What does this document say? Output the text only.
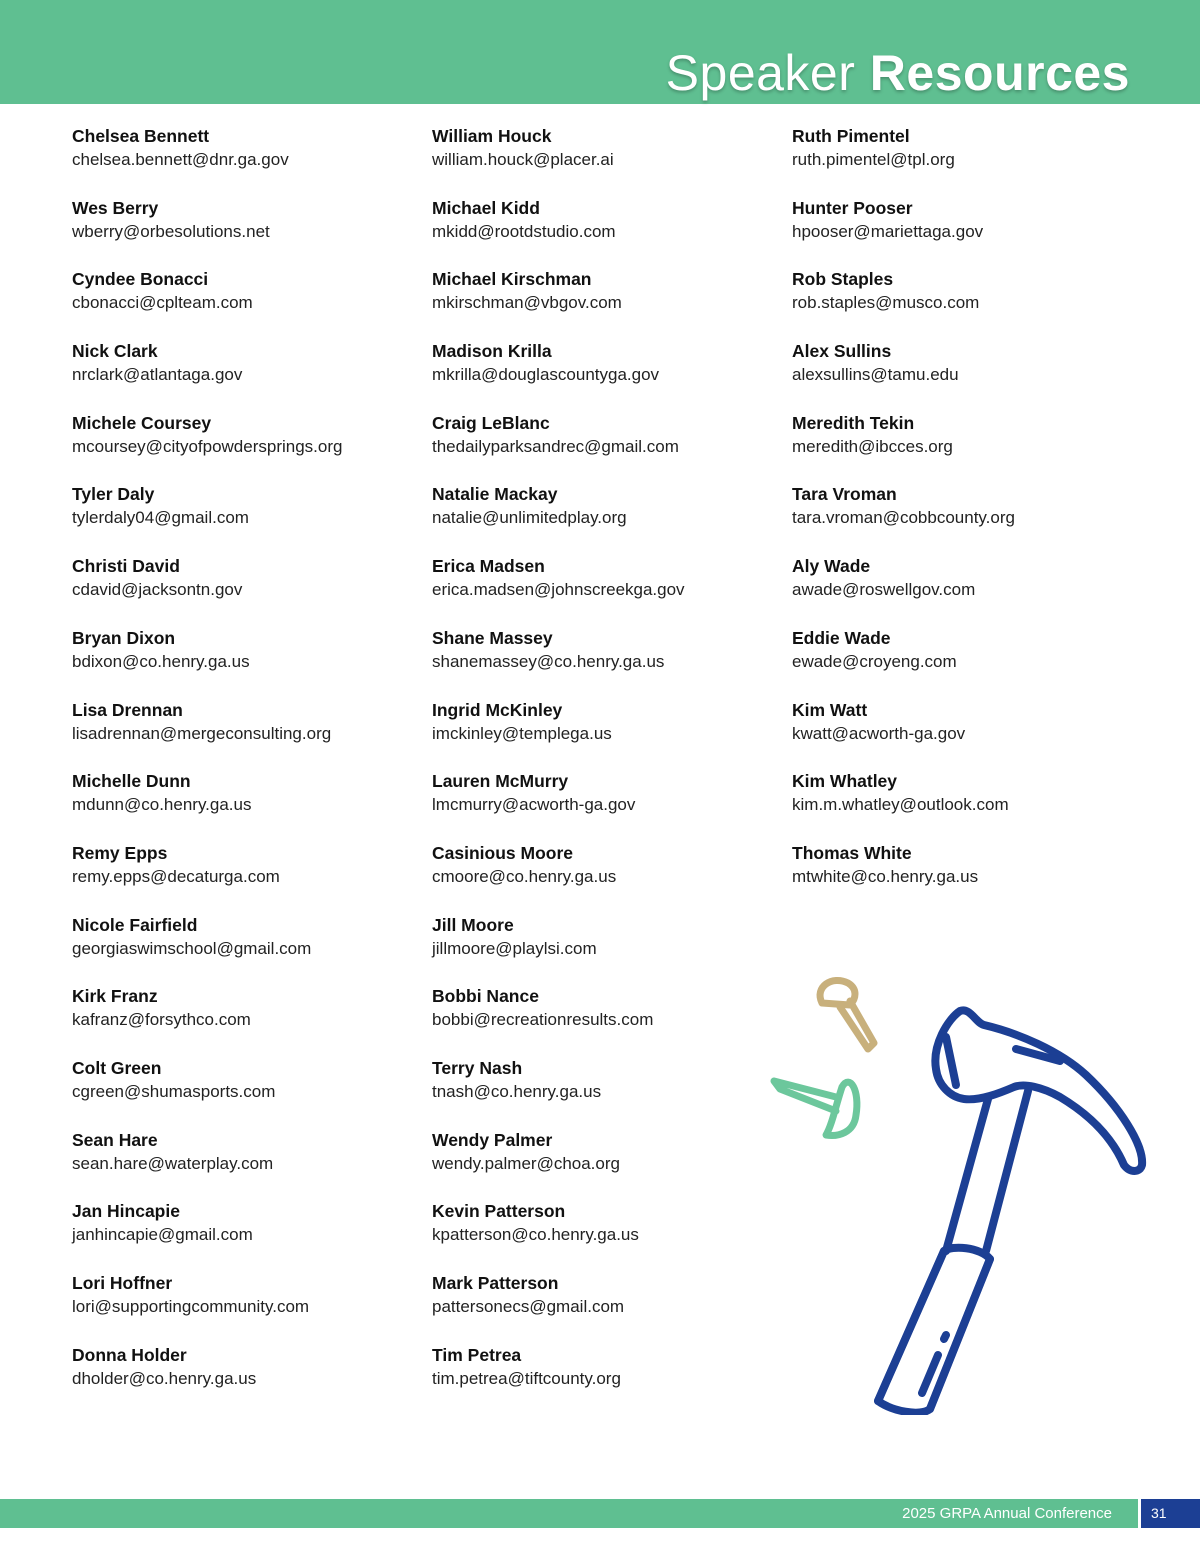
Speaker Resources
Chelsea Bennett
chelsea.bennett@dnr.ga.gov
Wes Berry
wberry@orbesolutions.net
Cyndee Bonacci
cbonacci@cplteam.com
Nick Clark
nrclark@atlantaga.gov
Michele Coursey
mcoursey@cityofpowdersprings.org
Tyler Daly
tylerdaly04@gmail.com
Christi David
cdavid@jacksontn.gov
Bryan Dixon
bdixon@co.henry.ga.us
Lisa Drennan
lisadrennan@mergeconsulting.org
Michelle Dunn
mdunn@co.henry.ga.us
Remy Epps
remy.epps@decaturga.com
Nicole Fairfield
georgiaswimschool@gmail.com
Kirk Franz
kafranz@forsythco.com
Colt Green
cgreen@shumasports.com
Sean Hare
sean.hare@waterplay.com
Jan Hincapie
janhincapie@gmail.com
Lori Hoffner
lori@supportingcommunity.com
Donna Holder
dholder@co.henry.ga.us
William Houck
william.houck@placer.ai
Michael Kidd
mkidd@rootdstudio.com
Michael Kirschman
mkirschman@vbgov.com
Madison Krilla
mkrilla@douglascountyga.gov
Craig LeBlanc
thedailyparksandrec@gmail.com
Natalie Mackay
natalie@unlimitedplay.org
Erica Madsen
erica.madsen@johnscreekga.gov
Shane Massey
shanemassey@co.henry.ga.us
Ingrid McKinley
imckinley@templega.us
Lauren McMurry
lmcmurry@acworth-ga.gov
Casinious Moore
cmoore@co.henry.ga.us
Jill Moore
jillmoore@playlsi.com
Bobbi Nance
bobbi@recreationresults.com
Terry Nash
tnash@co.henry.ga.us
Wendy Palmer
wendy.palmer@choa.org
Kevin Patterson
kpatterson@co.henry.ga.us
Mark Patterson
pattersonecs@gmail.com
Tim Petrea
tim.petrea@tiftcounty.org
Ruth Pimentel
ruth.pimentel@tpl.org
Hunter Pooser
hpooser@mariettaga.gov
Rob Staples
rob.staples@musco.com
Alex Sullins
alexsullins@tamu.edu
Meredith Tekin
meredith@ibcces.org
Tara Vroman
tara.vroman@cobbcounty.org
Aly Wade
awade@roswellgov.com
Eddie Wade
ewade@croyeng.com
Kim Watt
kwatt@acworth-ga.gov
Kim Whatley
kim.m.whatley@outlook.com
Thomas White
mtwhite@co.henry.ga.us
2025 GRPA Annual Conference	31
